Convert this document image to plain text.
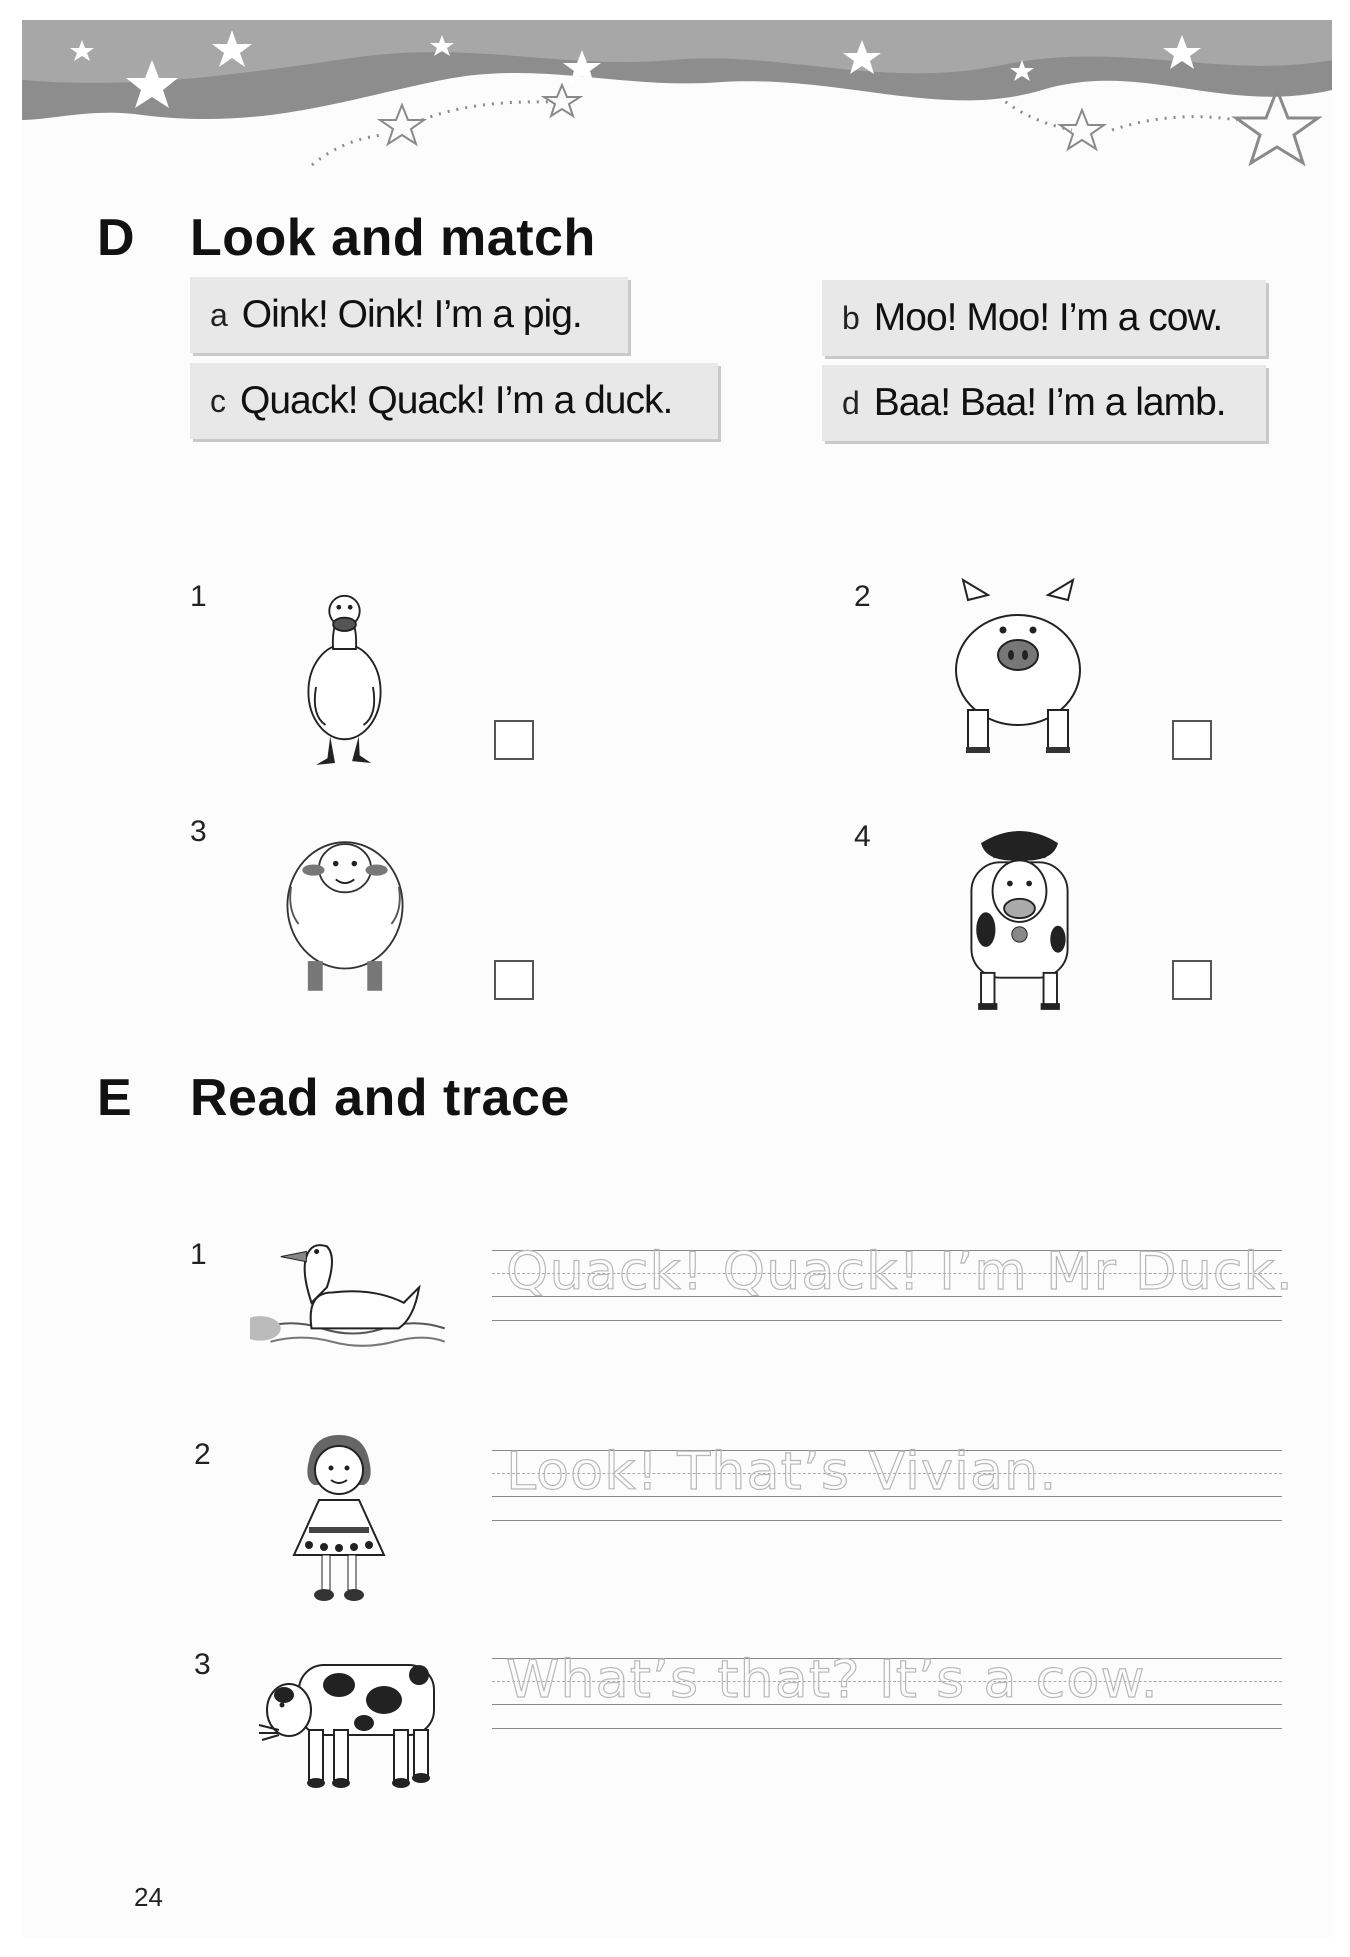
D Look and match
a Oink! Oink! I’m a pig.	b Moo! Moo! I’m a cow.
c Quack! Quack! I’m a duck.	d Baa! Baa! I’m a lamb.
1	2
3	4
E Read and trace
1	Quack! Quack! I’m Mr Duck.
2	Look! That’s Vivian.
3	What’s that? It’s a cow.
24
